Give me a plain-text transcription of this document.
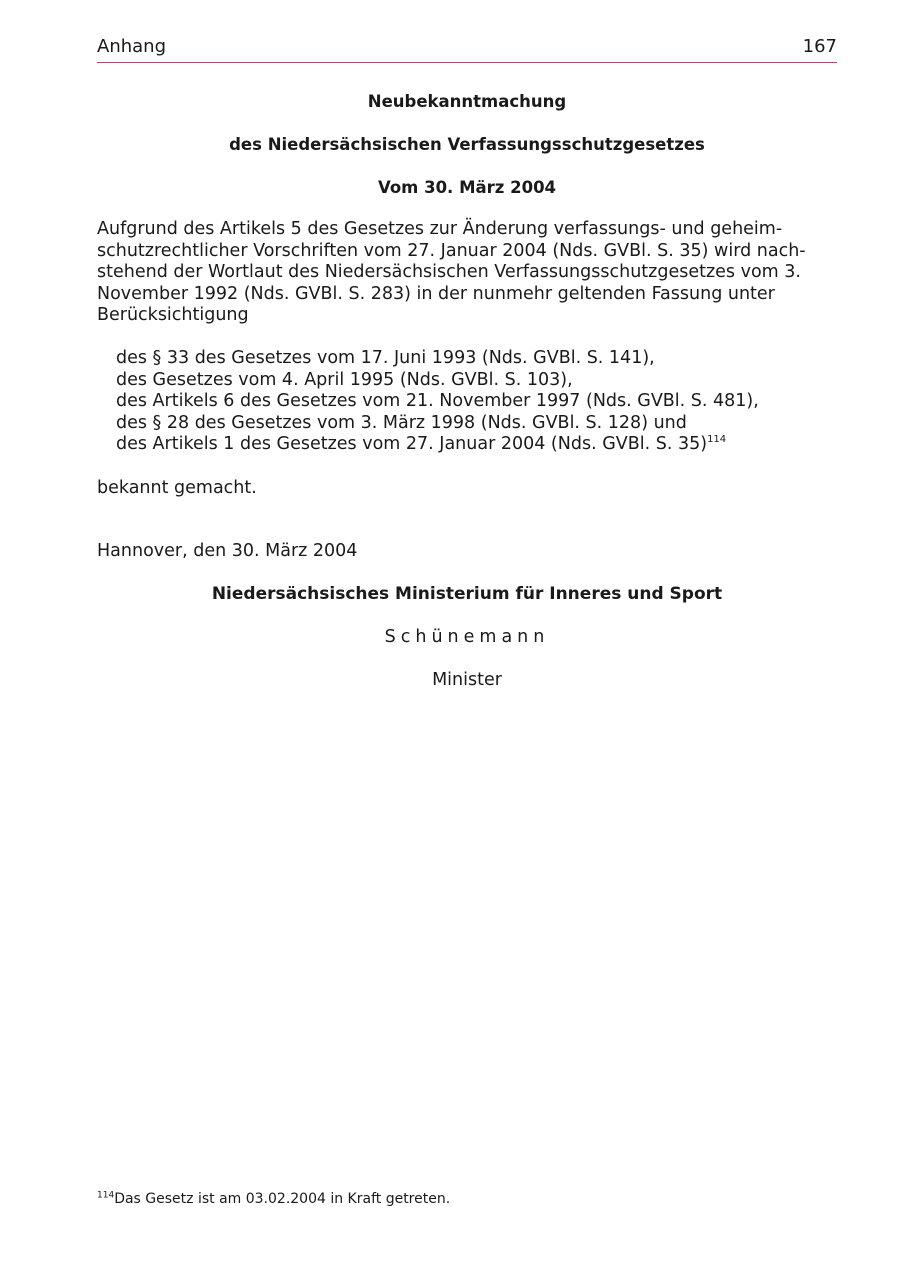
Anhang	167
Neubekanntmachung
des Niedersächsischen Verfassungsschutzgesetzes
Vom 30. März 2004
Aufgrund des Artikels 5 des Gesetzes zur Änderung verfassungs- und geheimschutzrechtlicher Vorschriften vom 27. Januar 2004 (Nds. GVBl. S. 35) wird nachstehend der Wortlaut des Niedersächsischen Verfassungsschutzgesetzes vom 3. November 1992 (Nds. GVBl. S. 283) in der nunmehr geltenden Fassung unter Berücksichtigung
des § 33 des Gesetzes vom 17. Juni 1993 (Nds. GVBl. S. 141),
des Gesetzes vom 4. April 1995 (Nds. GVBl. S. 103),
des Artikels 6 des Gesetzes vom 21. November 1997 (Nds. GVBl. S. 481),
des § 28 des Gesetzes vom 3. März 1998 (Nds. GVBl. S. 128) und
des Artikels 1 des Gesetzes vom 27. Januar 2004 (Nds. GVBl. S. 35)$^{114}$
bekannt gemacht.
Hannover, den 30. März 2004
Niedersächsisches Ministerium für Inneres und Sport
Schünemann
Minister
$^{114}$Das Gesetz ist am 03.02.2004 in Kraft getreten.
